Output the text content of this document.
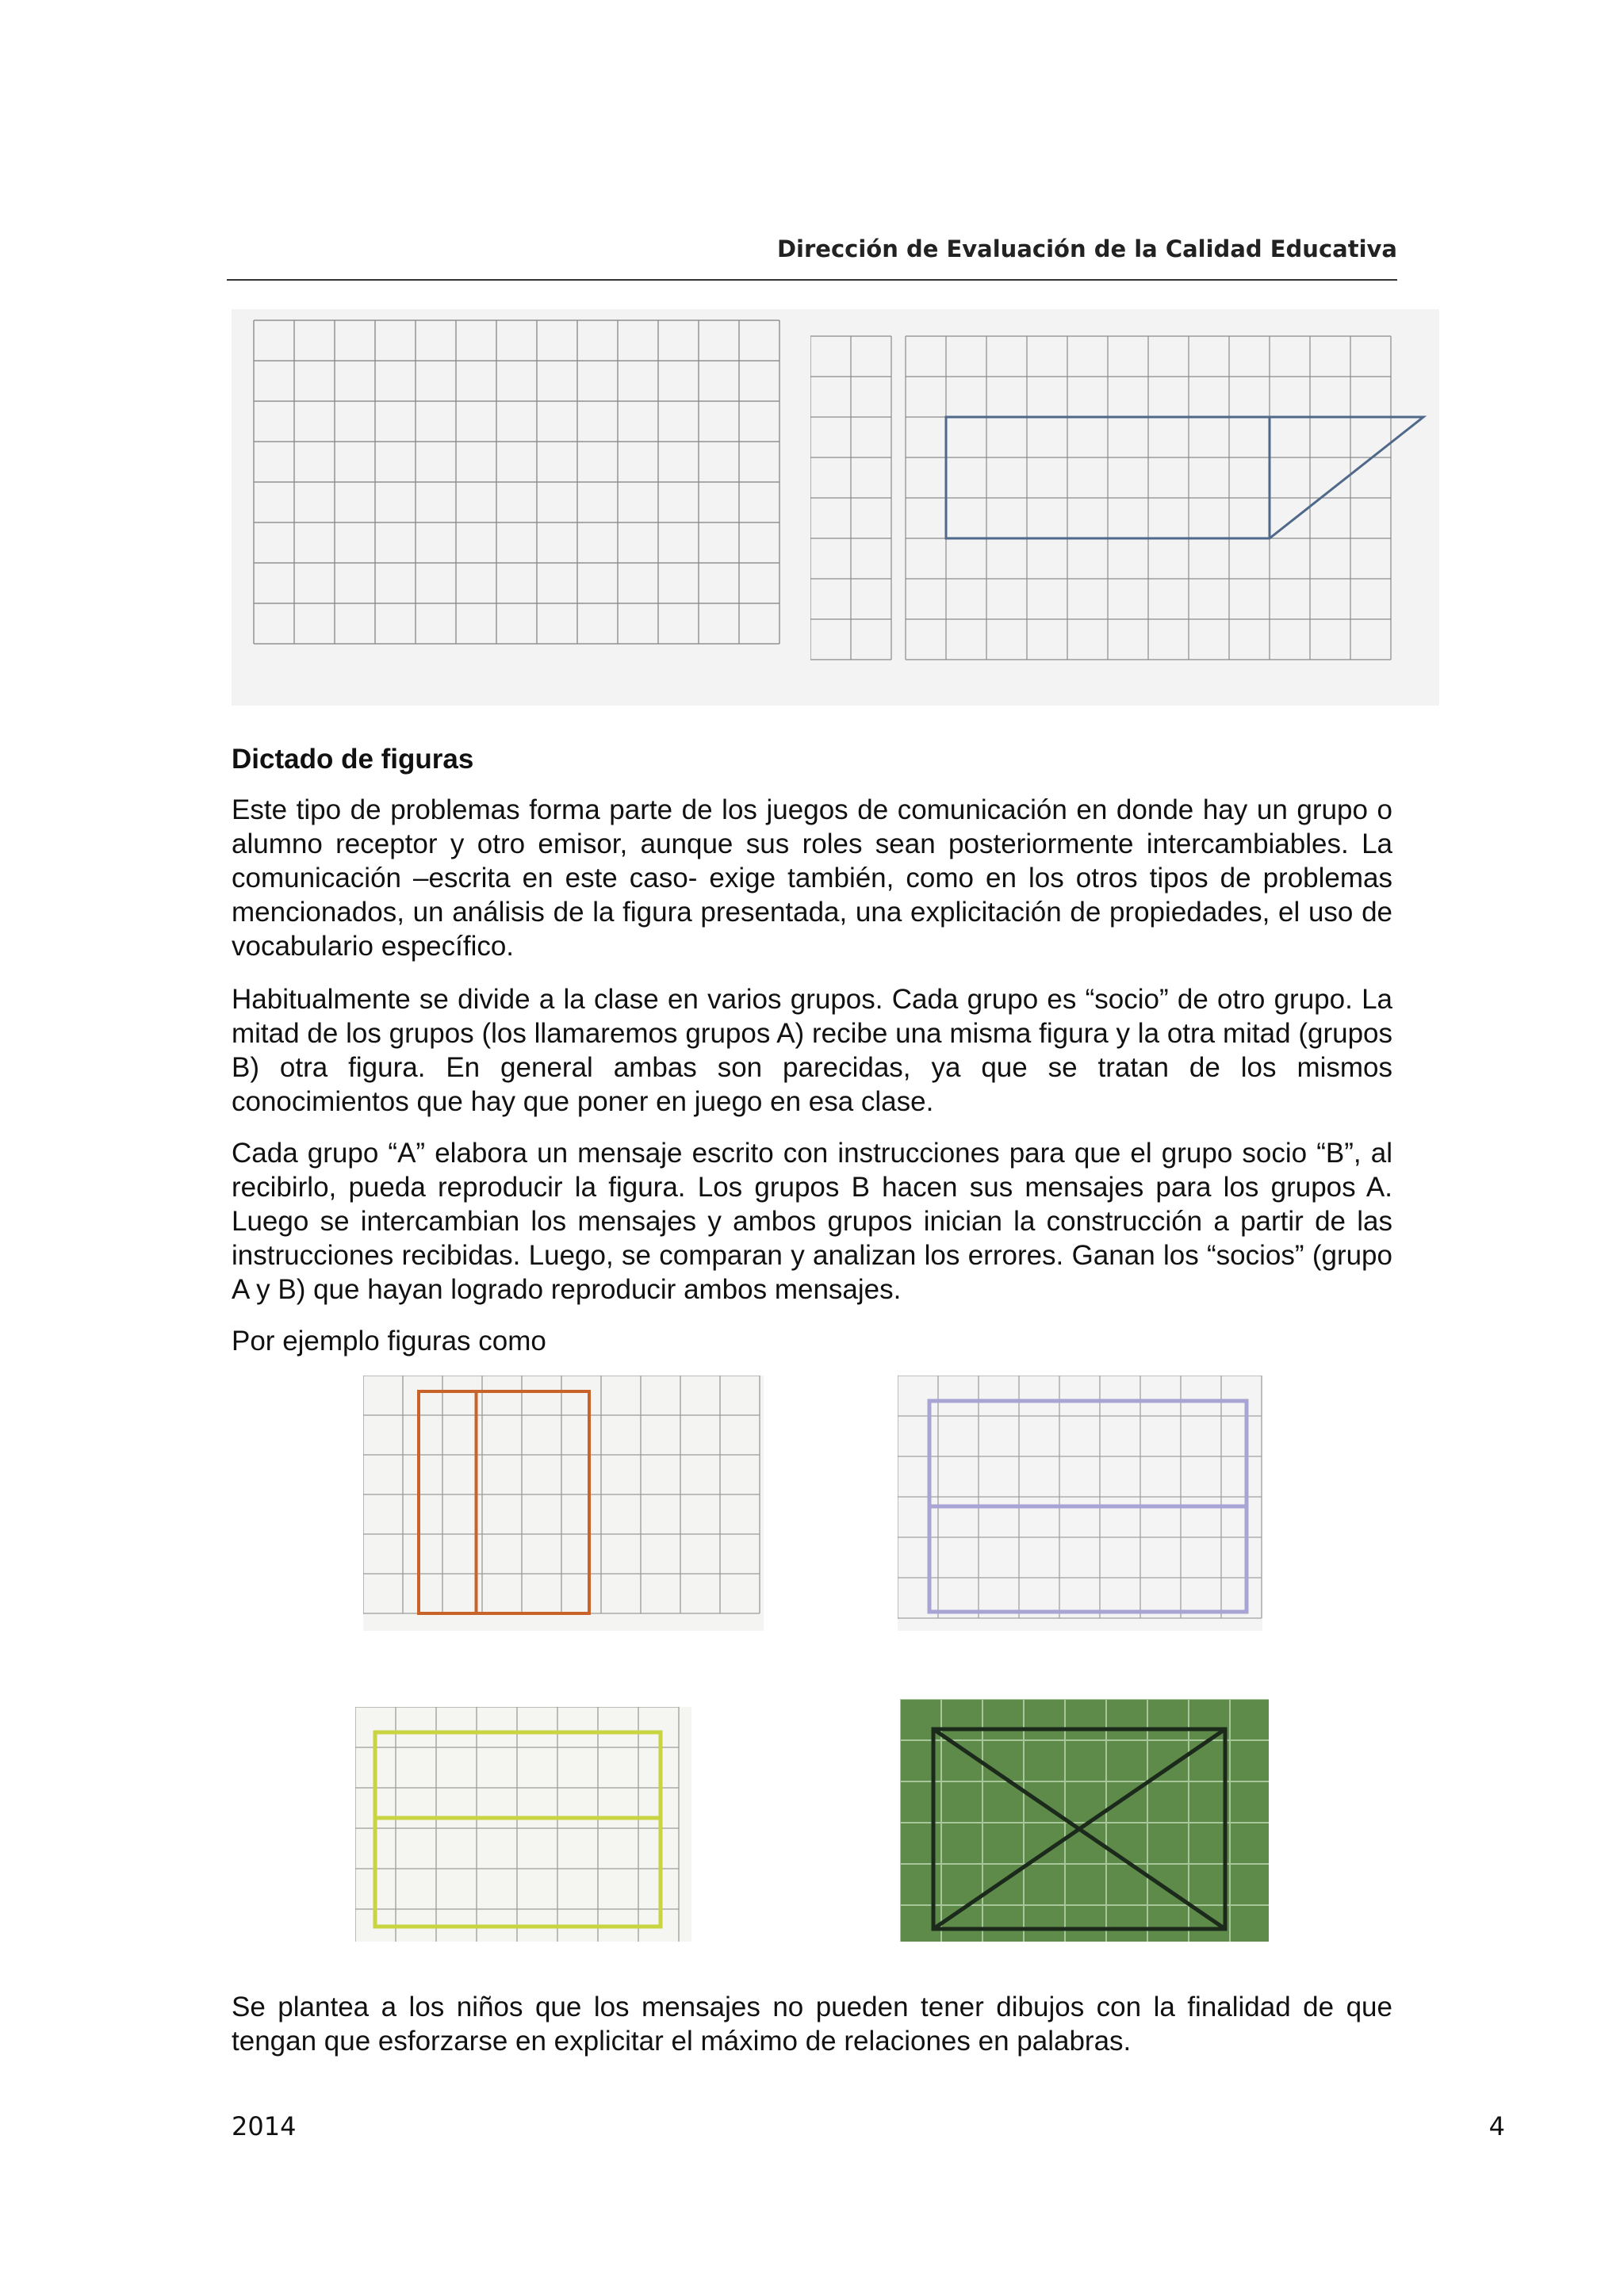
Dirección de Evaluación de la Calidad Educativa

Dictado de figuras

Este tipo de problemas forma parte de los juegos de comunicación en donde hay un grupo o alumno receptor y otro emisor, aunque sus roles sean posteriormente intercambiables. La comunicación –escrita en este caso- exige también, como en los otros tipos de problemas mencionados, un análisis de la figura presentada, una explicitación de propiedades, el uso de vocabulario específico.

Habitualmente se divide a la clase en varios grupos. Cada grupo es “socio” de otro grupo. La mitad de los grupos (los llamaremos grupos A) recibe una misma figura y la otra mitad (grupos B) otra figura. En general ambas son parecidas, ya que se tratan de los mismos conocimientos que hay que poner en juego en esa clase.

Cada grupo “A” elabora un mensaje escrito con instrucciones para que el grupo socio “B”, al recibirlo, pueda reproducir la figura. Los grupos B hacen sus mensajes para los grupos A. Luego se intercambian los mensajes y ambos grupos inician la construcción a partir de las instrucciones recibidas. Luego, se comparan y analizan los errores. Ganan los “socios” (grupo A y B) que hayan logrado reproducir ambos mensajes.

Por ejemplo figuras como

Se plantea a los niños que los mensajes no pueden tener dibujos con la finalidad de que tengan que esforzarse en explicitar el máximo de relaciones en palabras.

2014	4
